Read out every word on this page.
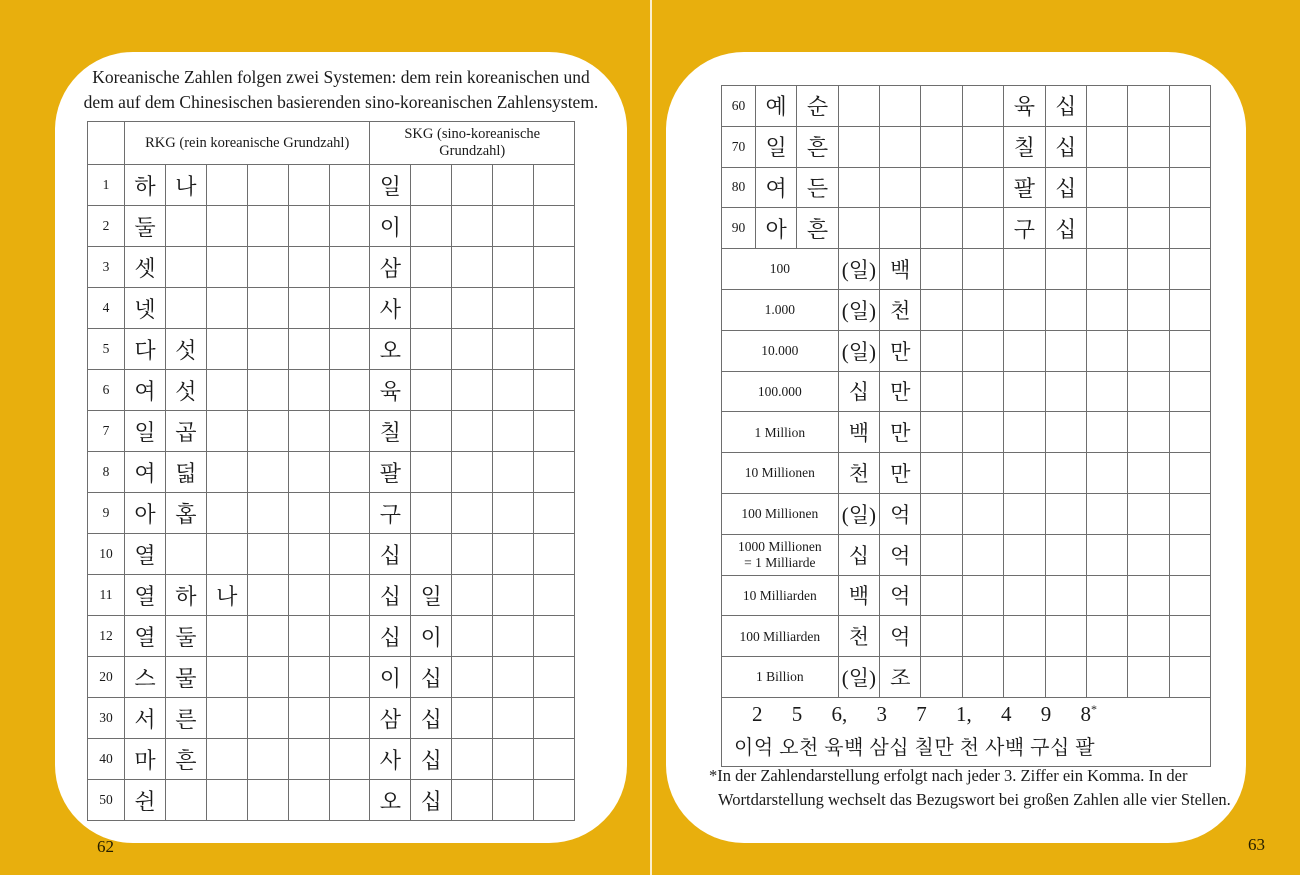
Koreanische Zahlen folgen zwei Systemen: dem rein koreanischen und
dem auf dem Chinesischen basierenden sino-koreanischen Zahlensystem.
	RKG (rein koreanische Grundzahl)						SKG (sino-koreanische Grundzahl)				
1	하	나					일				
2	둘						이				
3	셋						삼				
4	넷						사				
5	다	섯					오				
6	여	섯					육				
7	일	곱					칠				
8	여	덟					팔				
9	아	홉					구				
10	열						십				
11	열	하	나				십	일			
12	열	둘					십	이			
20	스	물					이	십			
30	서	른					삼	십			
40	마	흔					사	십			
50	쉰						오	십			
60	예	순					육	십			
70	일	흔					칠	십			
80	여	든					팔	십			
90	아	흔					구	십			

100			(일)	백							

1.000			(일)	천							

10.000			(일)	만							

100.000			십	만							

1 Million			백	만							

10 Millionen			천	만							

100 Millionen			(일)	억							

1000 Millionen
= 1 Milliarde			십	억							

10 Milliarden			백	억							

100 Milliarden			천	억							

1 Billion			(일)	조							

2 5 6, 3 7 1, 4 9 8*
이억 오천 육백 삼십 칠만 천 사백 구십 팔											
*In der Zahlendarstellung erfolgt nach jeder 3. Ziffer ein Komma. In der Wortdarstellung wechselt das Bezugswort bei großen Zahlen alle vier Stellen.
62	63
